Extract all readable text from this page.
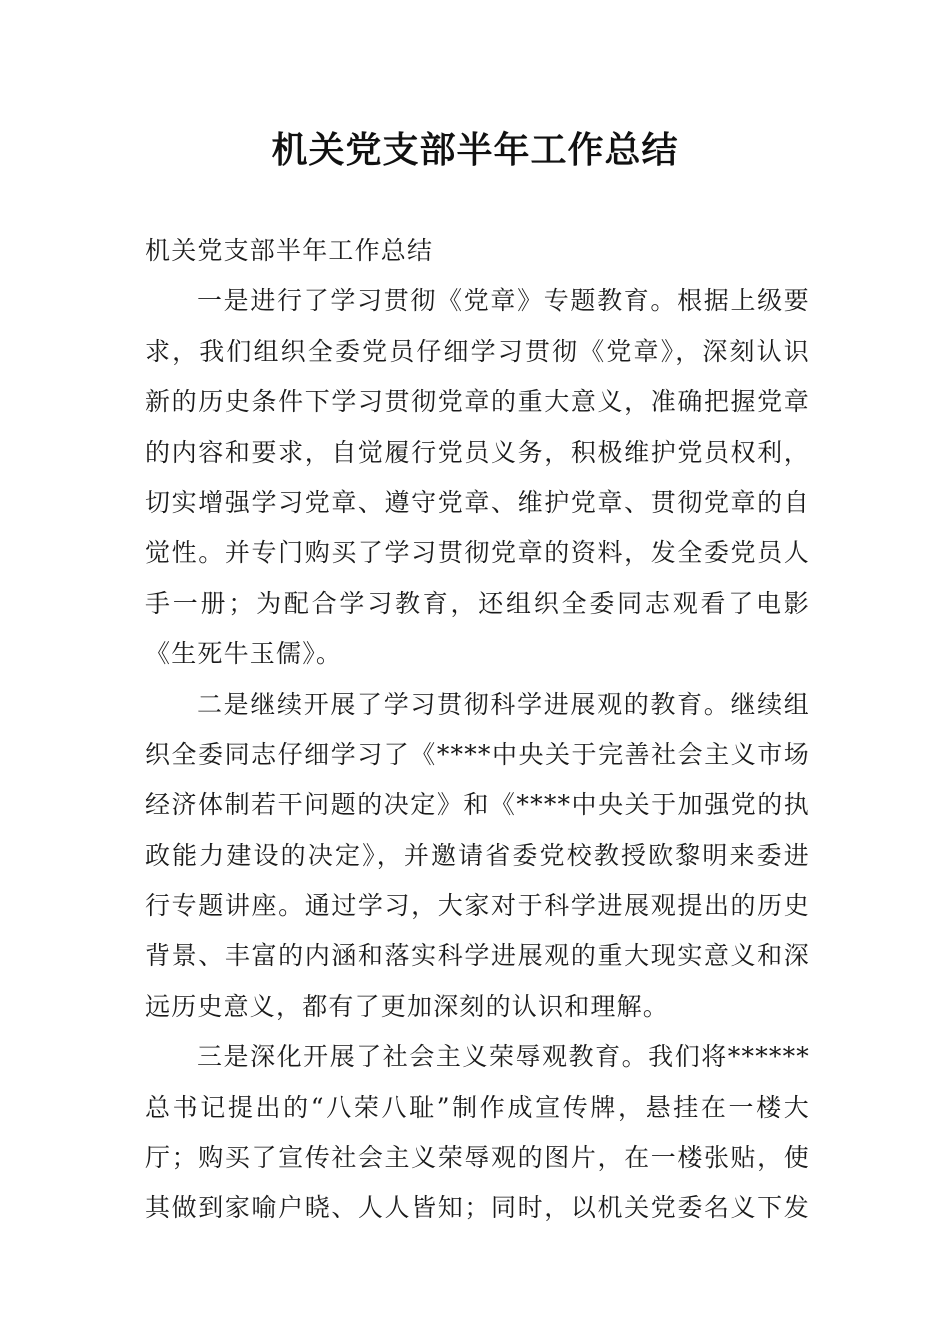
机关党支部半年工作总结
机关党支部半年工作总结
一是进行了学习贯彻《党章》专题教育。根据上级要
求，我们组织全委党员仔细学习贯彻《党章》，深刻认识
新的历史条件下学习贯彻党章的重大意义，准确把握党章
的内容和要求，自觉履行党员义务，积极维护党员权利，
切实增强学习党章、遵守党章、维护党章、贯彻党章的自
觉性。并专门购买了学习贯彻党章的资料，发全委党员人
手一册；为配合学习教育，还组织全委同志观看了电影
《生死牛玉儒》。
二是继续开展了学习贯彻科学进展观的教育。继续组
织全委同志仔细学习了《****中央关于完善社会主义市场
经济体制若干问题的决定》和《****中央关于加强党的执
政能力建设的决定》，并邀请省委党校教授欧黎明来委进
行专题讲座。通过学习，大家对于科学进展观提出的历史
背景、丰富的内涵和落实科学进展观的重大现实意义和深
远历史意义，都有了更加深刻的认识和理解。
三是深化开展了社会主义荣辱观教育。我们将******
总书记提出的“八荣八耻”制作成宣传牌，悬挂在一楼大
厅；购买了宣传社会主义荣辱观的图片，在一楼张贴，使
其做到家喻户晓、人人皆知；同时，以机关党委名义下发
